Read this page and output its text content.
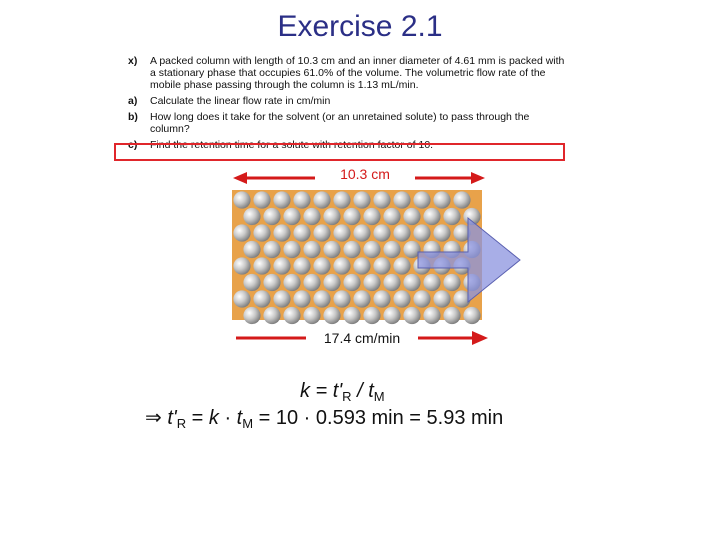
Exercise 2.1
x)	A packed column with length of 10.3 cm and an inner diameter of 4.61 mm is packed with a stationary phase that occupies 61.0% of the volume. The volumetric flow rate of the mobile phase passing through the column is 1.13 mL/min.
a)	Calculate the linear flow rate in cm/min
b)	How long does it take for the solvent (or an unretained solute) to pass through the column?
c)	Find the retention time for a solute with retention factor of 10.
10.3 cm
17.4 cm/min
$k = t'_R / t_M$
⇒ $t'_R = k \cdot t_M = 10 \cdot 0.593$ min = 5.93 min
